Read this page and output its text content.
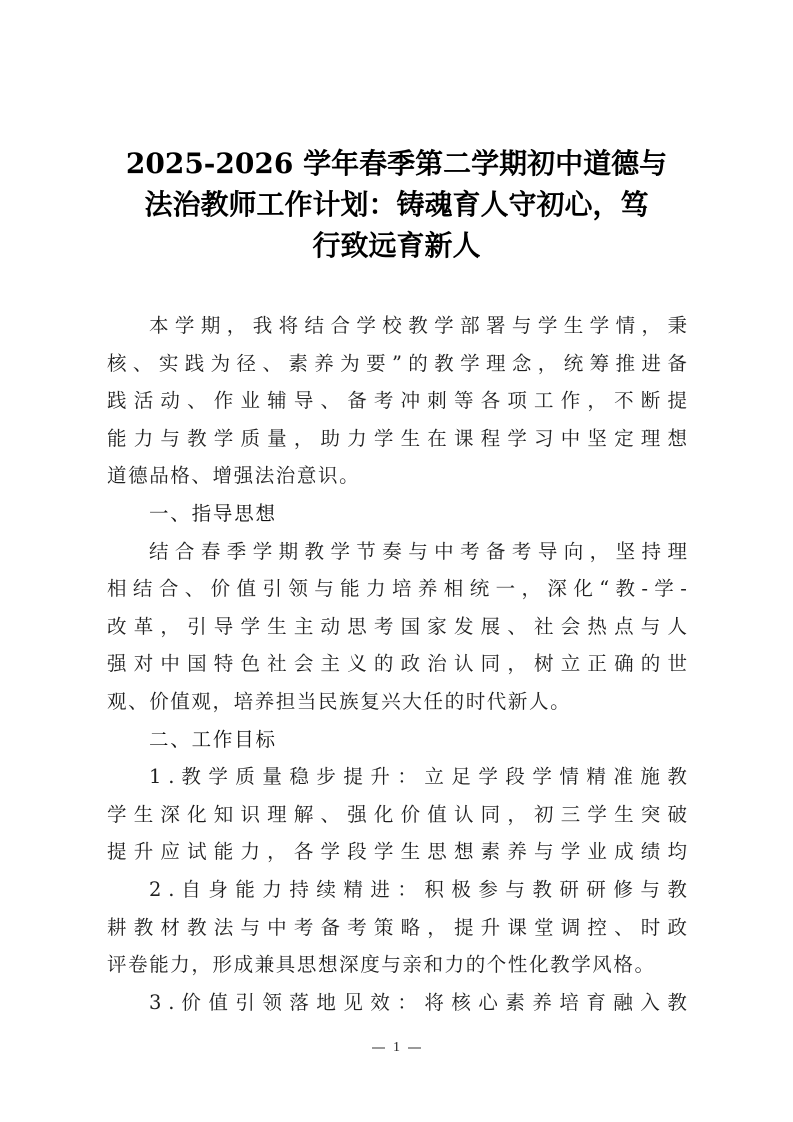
2025-2026 学年春季第二学期初中道德与
法治教师工作计划：铸魂育人守初心，笃
行致远育新人
本 学 期 ， 我 将 结 合 学 校 教 学 部 署 与 学 生 学 情 ， 秉
核 、 实 践 为 径 、 素 养 为 要 ” 的 教 学 理 念 ， 统 筹 推 进 备
践 活 动 、 作 业 辅 导 、 备 考 冲 刺 等 各 项 工 作 ， 不 断 提
能 力 与 教 学 质 量 ， 助 力 学 生 在 课 程 学 习 中 坚 定 理 想
道德品格、增强法治意识。
一、指导思想
结 合 春 季 学 期 教 学 节 奏 与 中 考 备 考 导 向 ， 坚 持 理
相 结 合 、 价 值 引 领 与 能 力 培 养 相 统 一 ， 深 化 “ 教 - 学 -
改 革 ， 引 导 学 生 主 动 思 考 国 家 发 展 、 社 会 热 点 与 人
强 对 中 国 特 色 社 会 主 义 的 政 治 认 同 ， 树 立 正 确 的 世
观、价值观，培养担当民族复兴大任的时代新人。
二、工作目标
1 . 教 学 质 量 稳 步 提 升 ： 立 足 学 段 学 情 精 准 施 教
学 生 深 化 知 识 理 解 、 强 化 价 值 认 同 ， 初 三 学 生 突 破
提 升 应 试 能 力 ， 各 学 段 学 生 思 想 素 养 与 学 业 成 绩 均
2 . 自 身 能 力 持 续 精 进 ： 积 极 参 与 教 研 研 修 与 教
耕 教 材 教 法 与 中 考 备 考 策 略 ， 提 升 课 堂 调 控 、 时 政
评卷能力，形成兼具思想深度与亲和力的个性化教学风格。
3 . 价 值 引 领 落 地 见 效 ： 将 核 心 素 养 培 育 融 入 教
1
